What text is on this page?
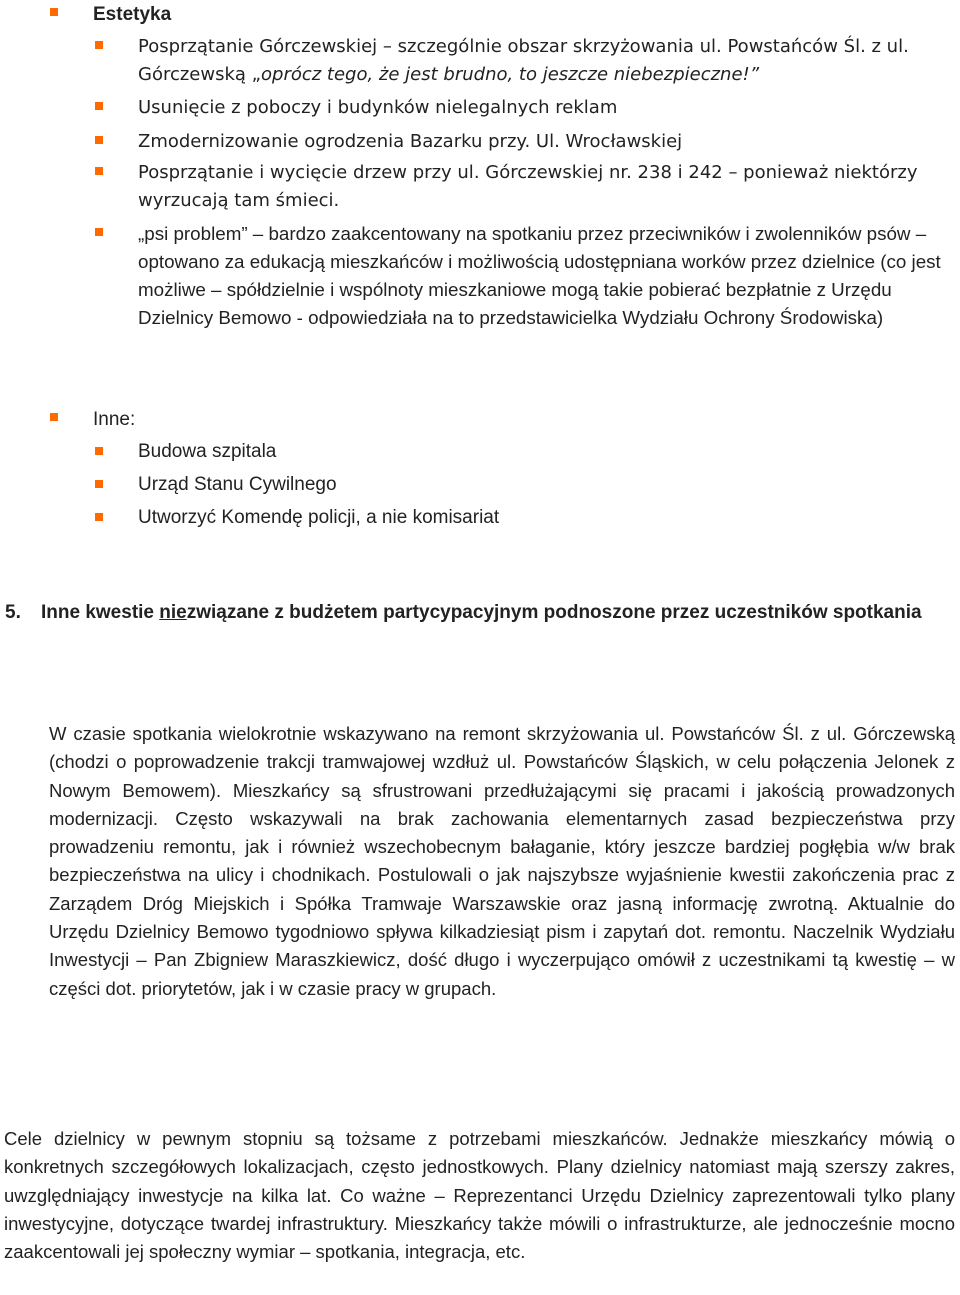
Estetyka
Posprzątanie Górczewskiej – szczególnie obszar skrzyżowania ul. Powstańców Śl. z ul.
Górczewską „oprócz tego, że jest brudno, to jeszcze niebezpieczne!”
Usunięcie z poboczy i budynków nielegalnych reklam
Zmodernizowanie ogrodzenia Bazarku przy. Ul. Wrocławskiej
Posprzątanie i wycięcie drzew przy ul. Górczewskiej nr. 238 i 242 – ponieważ niektórzy
wyrzucają tam śmieci.
„psi problem” – bardzo zaakcentowany na spotkaniu przez przeciwników i zwolenników psów – optowano za edukacją mieszkańców i możliwością udostępniana worków przez dzielnice (co jest możliwe – spółdzielnie i wspólnoty mieszkaniowe mogą takie pobierać bezpłatnie z Urzędu Dzielnicy Bemowo - odpowiedziała na to przedstawicielka Wydziału Ochrony Środowiska)
Inne:
Budowa szpitala
Urząd Stanu Cywilnego
Utworzyć Komendę policji, a nie komisariat
5. Inne kwestie niezwiązane z budżetem partycypacyjnym podnoszone przez uczestników spotkania
W czasie spotkania wielokrotnie wskazywano na remont skrzyżowania ul. Powstańców Śl. z ul. Górczewską (chodzi o poprowadzenie trakcji tramwajowej wzdłuż ul. Powstańców Śląskich, w celu połączenia Jelonek z Nowym Bemowem). Mieszkańcy są sfrustrowani przedłużającymi się pracami i jakością prowadzonych modernizacji. Często wskazywali na brak zachowania elementarnych zasad bezpieczeństwa przy prowadzeniu remontu, jak i również wszechobecnym bałaganie, który jeszcze bardziej pogłębia w/w brak bezpieczeństwa na ulicy i chodnikach. Postulowali o jak najszybsze wyjaśnienie kwestii zakończenia prac z Zarządem Dróg Miejskich i Spółka Tramwaje Warszawskie oraz jasną informację zwrotną. Aktualnie do Urzędu Dzielnicy Bemowo tygodniowo spływa kilkadziesiąt pism i zapytań dot. remontu. Naczelnik Wydziału Inwestycji – Pan Zbigniew Maraszkiewicz, dość długo i wyczerpująco omówił z uczestnikami tą kwestię – w części dot. priorytetów, jak i w czasie pracy w grupach.
Cele dzielnicy w pewnym stopniu są tożsame z potrzebami mieszkańców. Jednakże mieszkańcy mówią o konkretnych szczegółowych lokalizacjach, często jednostkowych. Plany dzielnicy natomiast mają szerszy zakres, uwzględniający inwestycje na kilka lat. Co ważne – Reprezentanci Urzędu Dzielnicy zaprezentowali tylko plany inwestycyjne, dotyczące twardej infrastruktury. Mieszkańcy także mówili o infrastrukturze, ale jednocześnie mocno zaakcentowali jej społeczny wymiar – spotkania, integracja, etc.
